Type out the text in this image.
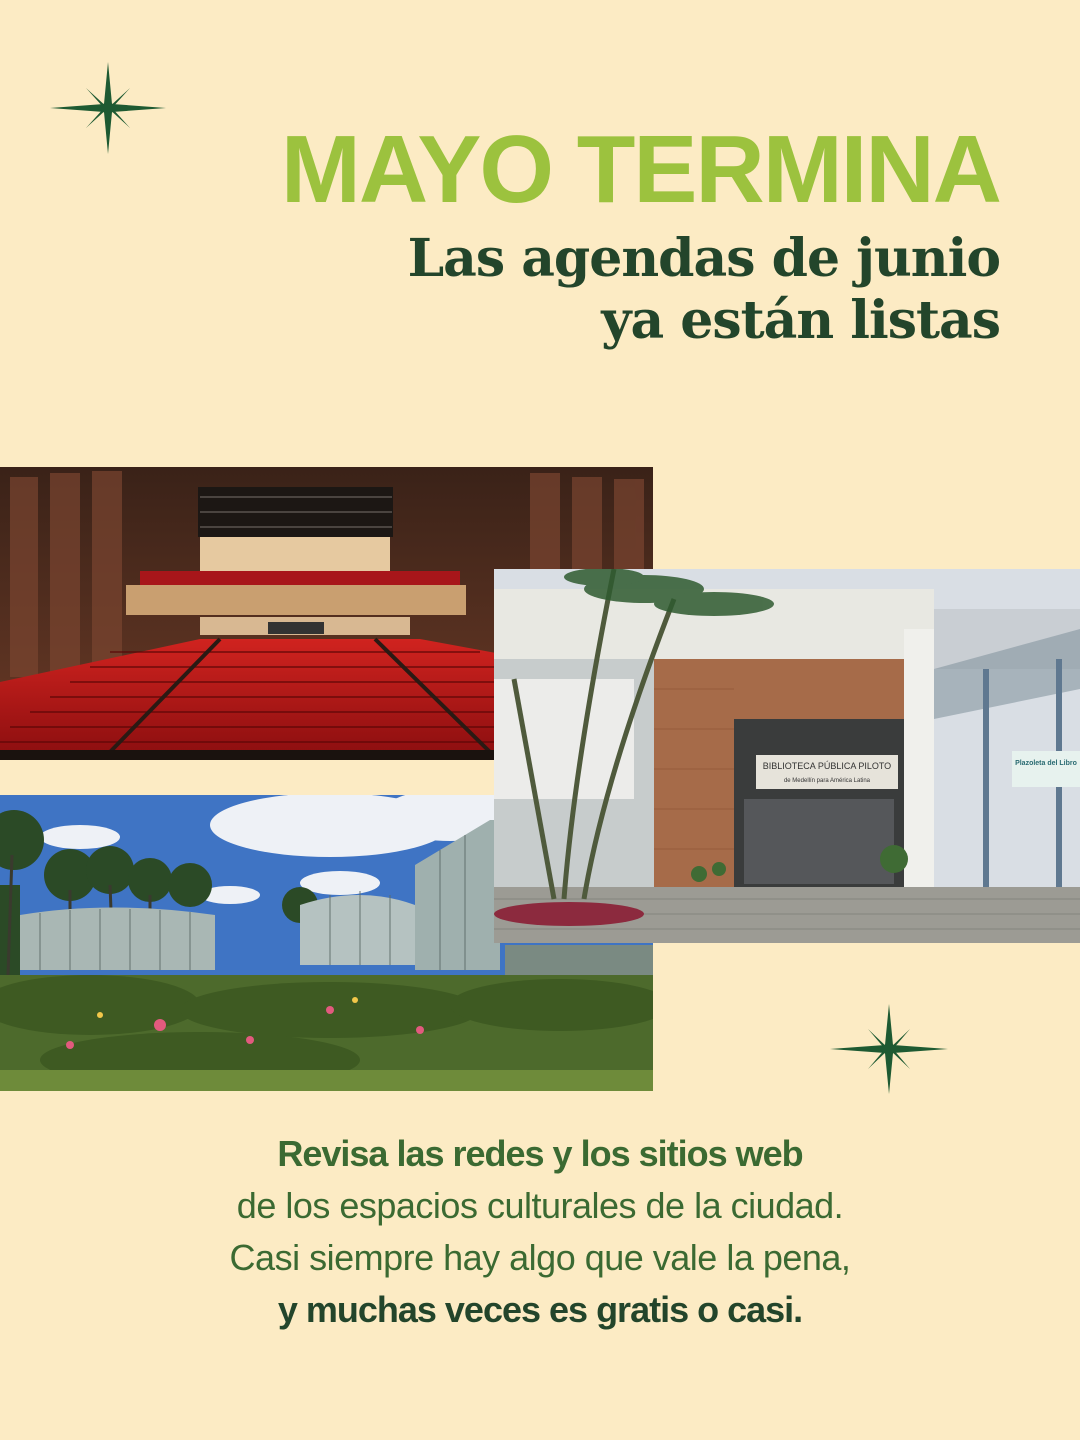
MAYO TERMINA
Las agendas de junio
ya están listas
BIBLIOTECA PÚBLICA PILOTO
de Medellín para América Latina
Plazoleta del Libro
Revisa las redes y los sitios web
de los espacios culturales de la ciudad.
Casi siempre hay algo que vale la pena,
y muchas veces es gratis o casi.
